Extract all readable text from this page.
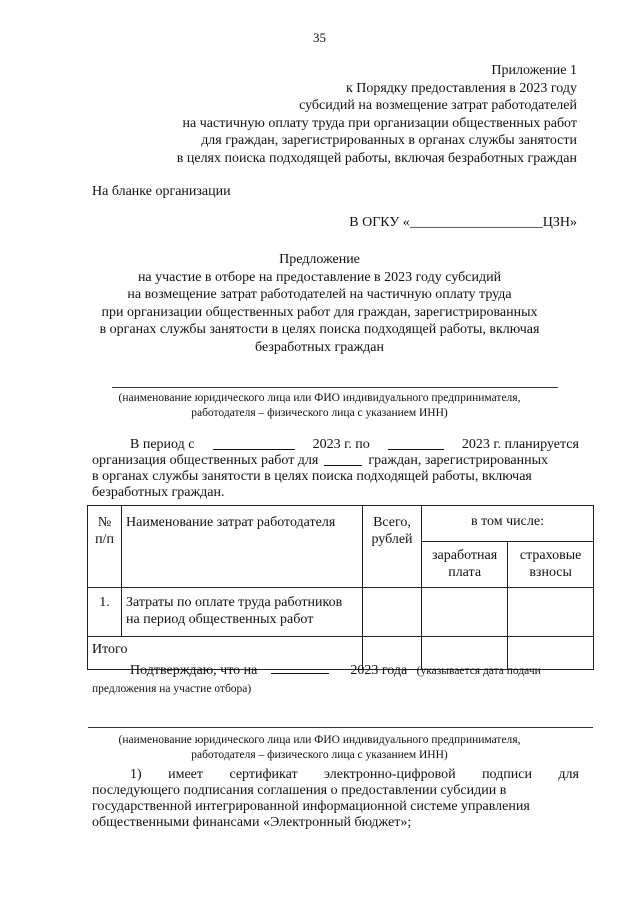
35
Приложение 1
к Порядку предоставления в 2023 году
субсидий на возмещение затрат работодателей
на частичную оплату труда при организации общественных работ
для граждан, зарегистрированных в органах службы занятости
в целях поиска подходящей работы, включая безработных граждан
На бланке организации
В ОГКУ «___________________ЦЗН»
Предложение
на участие в отборе на предоставление в 2023 году субсидий
на возмещение затрат работодателей на частичную оплату труда
при организации общественных работ для граждан, зарегистрированных
в органах службы занятости в целях поиска подходящей работы, включая
безработных граждан
(наименование юридического лица или ФИО индивидуального предпринимателя,
работодателя – физического лица с указанием ИНН)
В период с	2023 г. по	2023 г. планируется
организация общественных работ для	граждан, зарегистрированных
в органах службы занятости в целях поиска подходящей работы, включая
безработных граждан.
№ п/п	Наименование затрат работодателя	Всего, рублей	в том числе:	
			заработная плата	страховые взносы
1.	Затраты по оплате труда работников на период общественных работ			
Итого				
Подтверждаю, что на	2023 года (указывается дата подачи предложения на участие отбора)
(наименование юридического лица или ФИО индивидуального предпринимателя,
работодателя – физического лица с указанием ИНН)
1) имеет сертификат электронно-цифровой подписи для
последующего подписания соглашения о предоставлении субсидии в
государственной интегрированной информационной системе управления
общественными финансами «Электронный бюджет»;
